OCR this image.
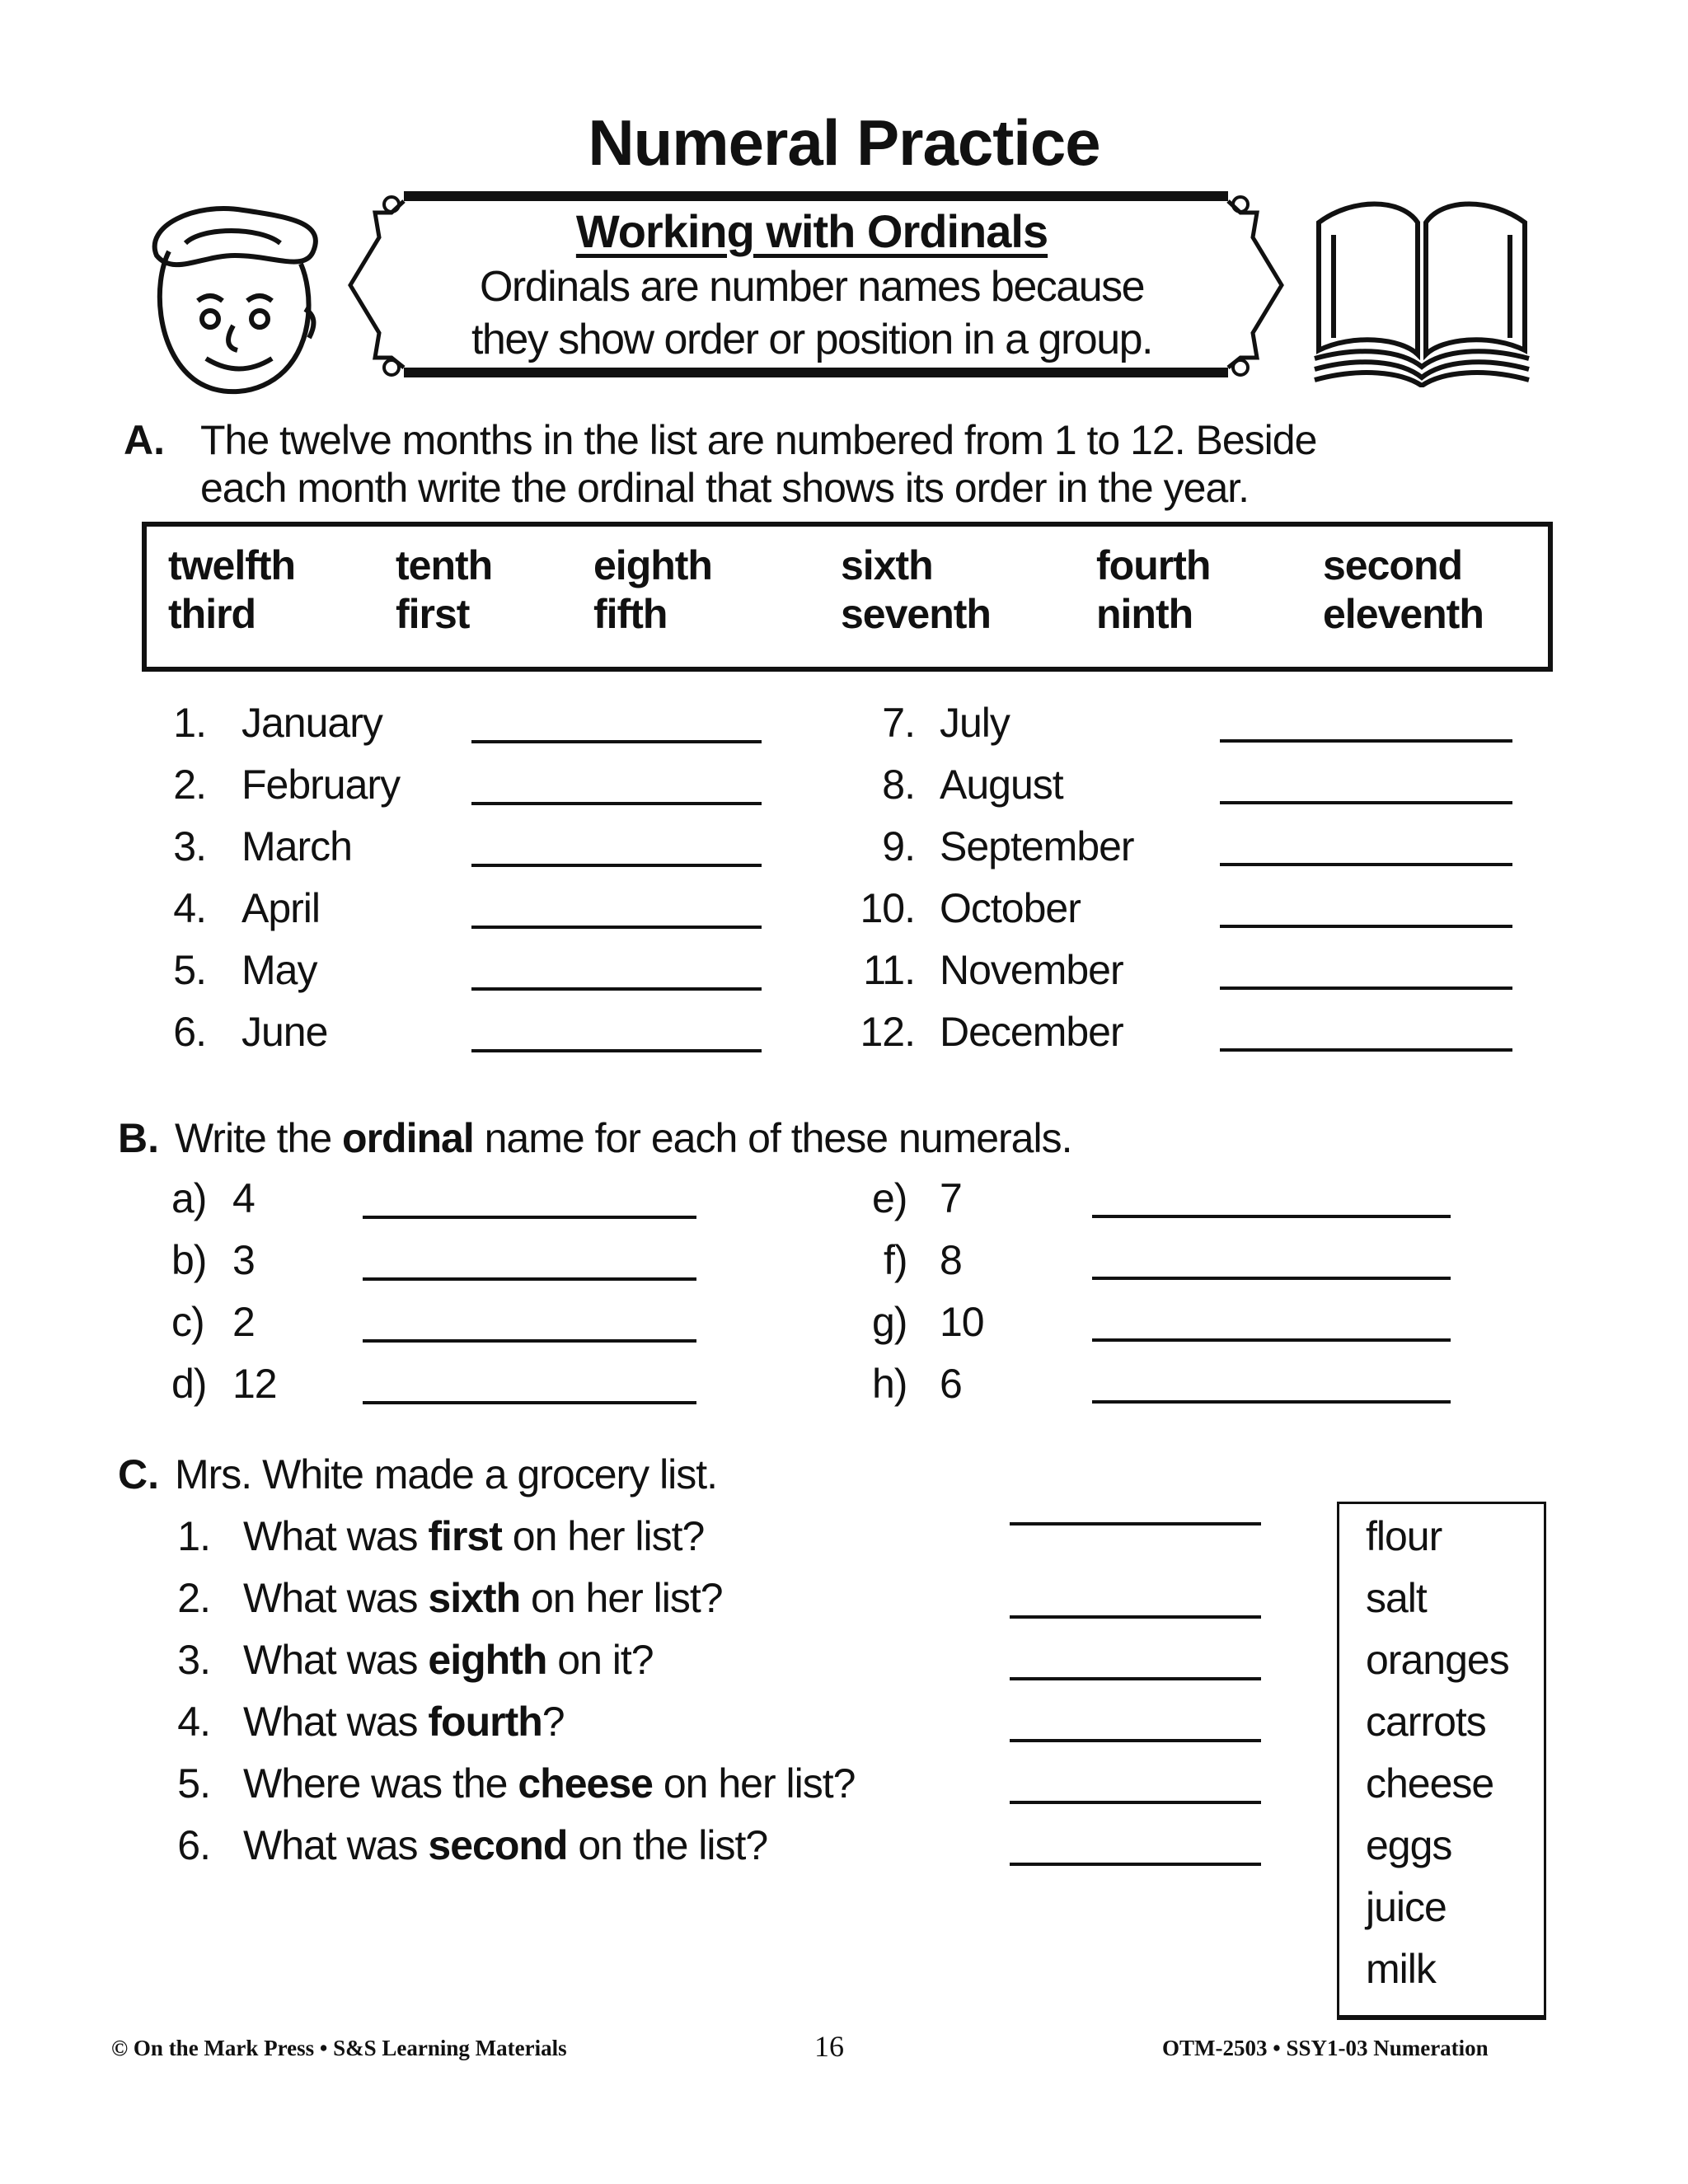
Numeral Practice
Working with Ordinals
Ordinals are number names because
they show order or position in a group.
A. The twelve months in the list are numbered from 1 to 12. Beside
each month write the ordinal that shows its order in the year.
twelfth tenth eighth	sixth	fourth	second
third	first	fifth	seventh	ninth	eleventh
1. January
2. February
3. March
4. April
5. May
6. June
7. July
8. August
9. September
10. October
11. November
12. December
B. Write the ordinal name for each of these numerals.
a) 4
b) 3
c) 2
d) 12
e) 7
f) 8
g) 10
h) 6
C. Mrs. White made a grocery list.
1. What was first on her list?
2. What was sixth on her list?
3. What was eighth on it?
4. What was fourth?
5. Where was the cheese on her list?
6. What was second on the list?
flour
salt
oranges
carrots
cheese
eggs
juice
milk
© On the Mark Press • S&S Learning Materials	16	OTM-2503 • SSY1-03 Numeration
